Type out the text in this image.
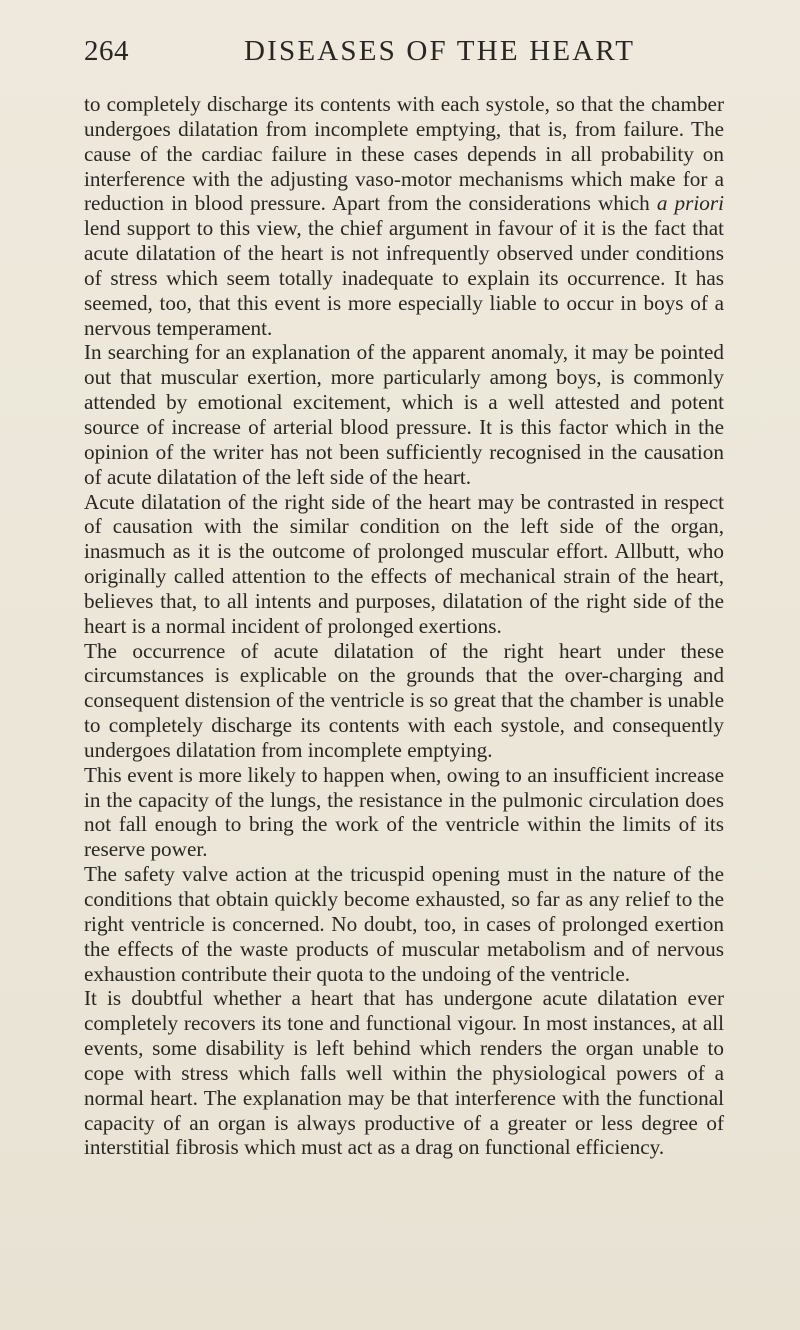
264	DISEASES OF THE HEART

to completely discharge its contents with each systole, so that the chamber undergoes dilatation from incomplete emptying, that is, from failure. The cause of the cardiac failure in these cases depends in all probability on interference with the adjusting vaso-motor mechanisms which make for a reduction in blood pressure. Apart from the considerations which a priori lend support to this view, the chief argument in favour of it is the fact that acute dilatation of the heart is not infrequently observed under conditions of stress which seem totally inadequate to explain its occurrence. It has seemed, too, that this event is more especially liable to occur in boys of a nervous temperament.

In searching for an explanation of the apparent anomaly, it may be pointed out that muscular exertion, more particularly among boys, is commonly attended by emotional excitement, which is a well attested and potent source of increase of arterial blood pressure. It is this factor which in the opinion of the writer has not been sufficiently recognised in the causation of acute dilatation of the left side of the heart.

Acute dilatation of the right side of the heart may be contrasted in respect of causation with the similar condition on the left side of the organ, inasmuch as it is the outcome of prolonged muscular effort. Allbutt, who originally called attention to the effects of mechanical strain of the heart, believes that, to all intents and purposes, dilatation of the right side of the heart is a normal incident of prolonged exertions.

The occurrence of acute dilatation of the right heart under these circumstances is explicable on the grounds that the over-charging and consequent distension of the ventricle is so great that the chamber is unable to completely discharge its contents with each systole, and consequently undergoes dilatation from incomplete emptying.

This event is more likely to happen when, owing to an insufficient increase in the capacity of the lungs, the resistance in the pulmonic circulation does not fall enough to bring the work of the ventricle within the limits of its reserve power.

The safety valve action at the tricuspid opening must in the nature of the conditions that obtain quickly become exhausted, so far as any relief to the right ventricle is concerned. No doubt, too, in cases of prolonged exertion the effects of the waste products of muscular metabolism and of nervous exhaustion contribute their quota to the undoing of the ventricle.

It is doubtful whether a heart that has undergone acute dilatation ever completely recovers its tone and functional vigour. In most instances, at all events, some disability is left behind which renders the organ unable to cope with stress which falls well within the physiological powers of a normal heart. The explanation may be that interference with the functional capacity of an organ is always productive of a greater or less degree of interstitial fibrosis which must act as a drag on functional efficiency.
